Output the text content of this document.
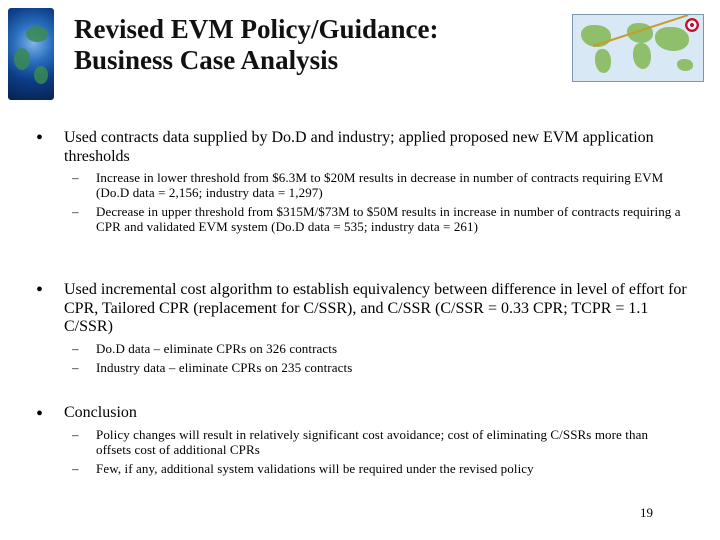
Revised EVM Policy/Guidance:
Business Case Analysis
• Used contracts data supplied by Do.D and industry; applied proposed new EVM application thresholds
– Increase in lower threshold from $6.3M to $20M results in decrease in number of contracts requiring EVM (Do.D data = 2,156; industry data = 1,297)
– Decrease in upper threshold from $315M/$73M to $50M results in increase in number of contracts requiring a CPR and validated EVM system (Do.D data = 535; industry data = 261)
• Used incremental cost algorithm to establish equivalency between difference in level of effort for CPR, Tailored CPR (replacement for C/SSR), and C/SSR (C/SSR = 0.33 CPR; TCPR = 1.1 C/SSR)
– Do.D data – eliminate CPRs on 326 contracts
– Industry data – eliminate CPRs on 235 contracts
• Conclusion
– Policy changes will result in relatively significant cost avoidance; cost of eliminating C/SSRs more than offsets cost of additional CPRs
– Few, if any, additional system validations will be required under the revised policy
19
